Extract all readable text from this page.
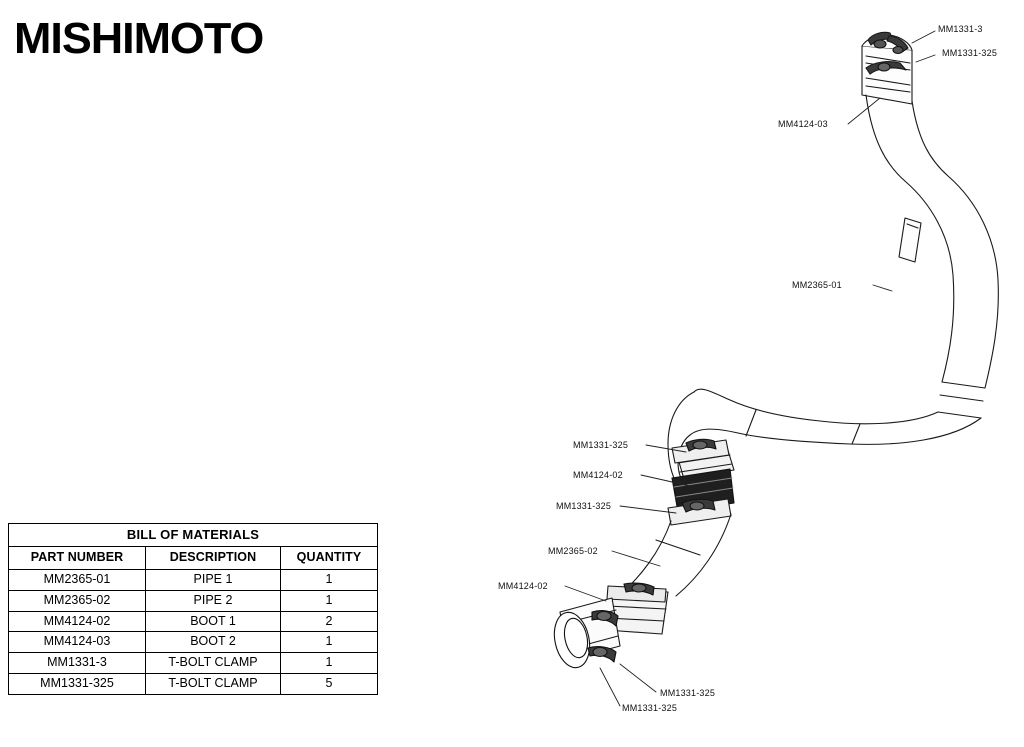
MISHIMOTO	MM1331-3
MM1331-325
MM4124-03
MM2365-01
MM1331-325
MM4124-02
MM1331-325
MM2365-02
MM4124-02
MM1331-325
MM1331-325
BILL OF MATERIALS		
PART NUMBER	DESCRIPTION	QUANTITY
MM2365-01	PIPE 1	1
MM2365-02	PIPE 2	1
MM4124-02	BOOT 1	2
MM4124-03	BOOT 2	1
MM1331-3	T-BOLT CLAMP	1
MM1331-325	T-BOLT CLAMP	5
